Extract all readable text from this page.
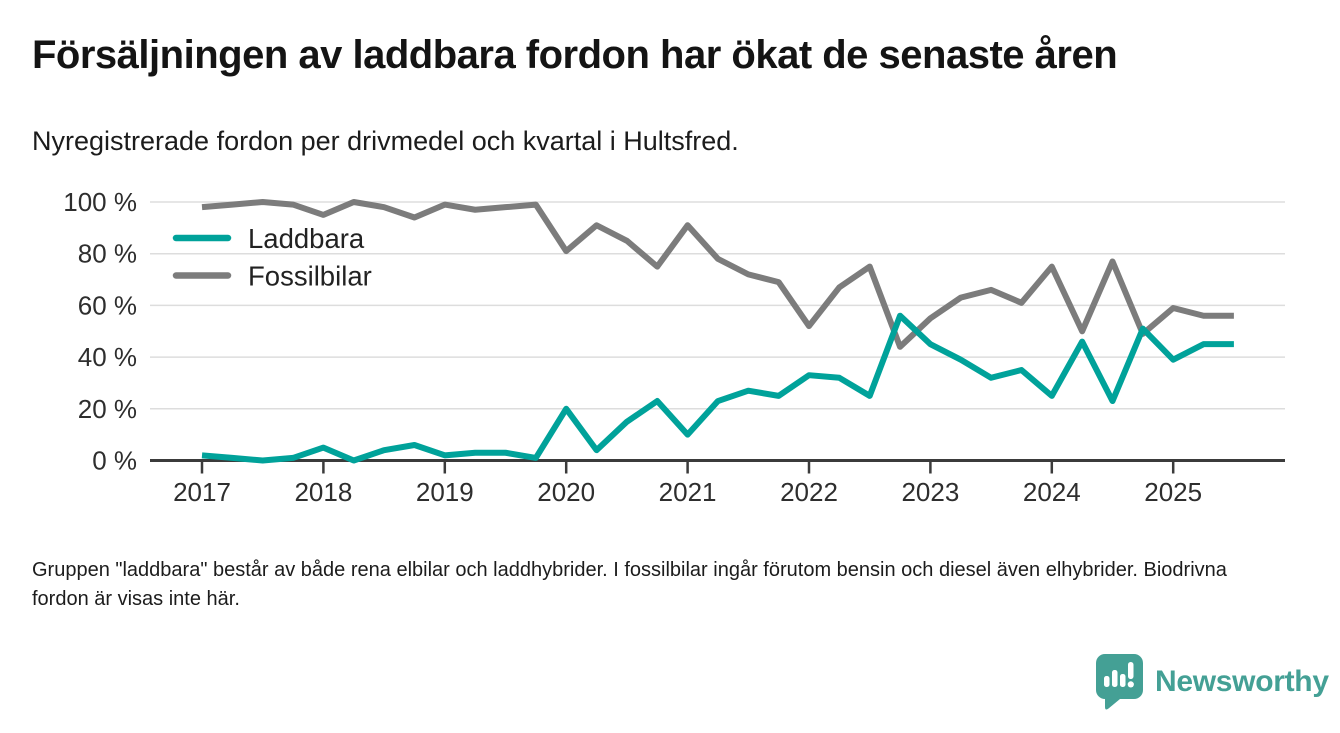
Försäljningen av laddbara fordon har ökat de senaste åren

Nyregistrerade fordon per drivmedel och kvartal i Hultsfred.

0 %
20 %
40 %
60 %
80 %
100 %
2017 2018 2019 2020 2021 2022 2023 2024 2025
Laddbara
Fossilbilar

Gruppen "laddbara" består av både rena elbilar och laddhybrider. I fossilbilar ingår förutom bensin och diesel även elhybrider. Biodrivna fordon är visas inte här.

Newsworthy
